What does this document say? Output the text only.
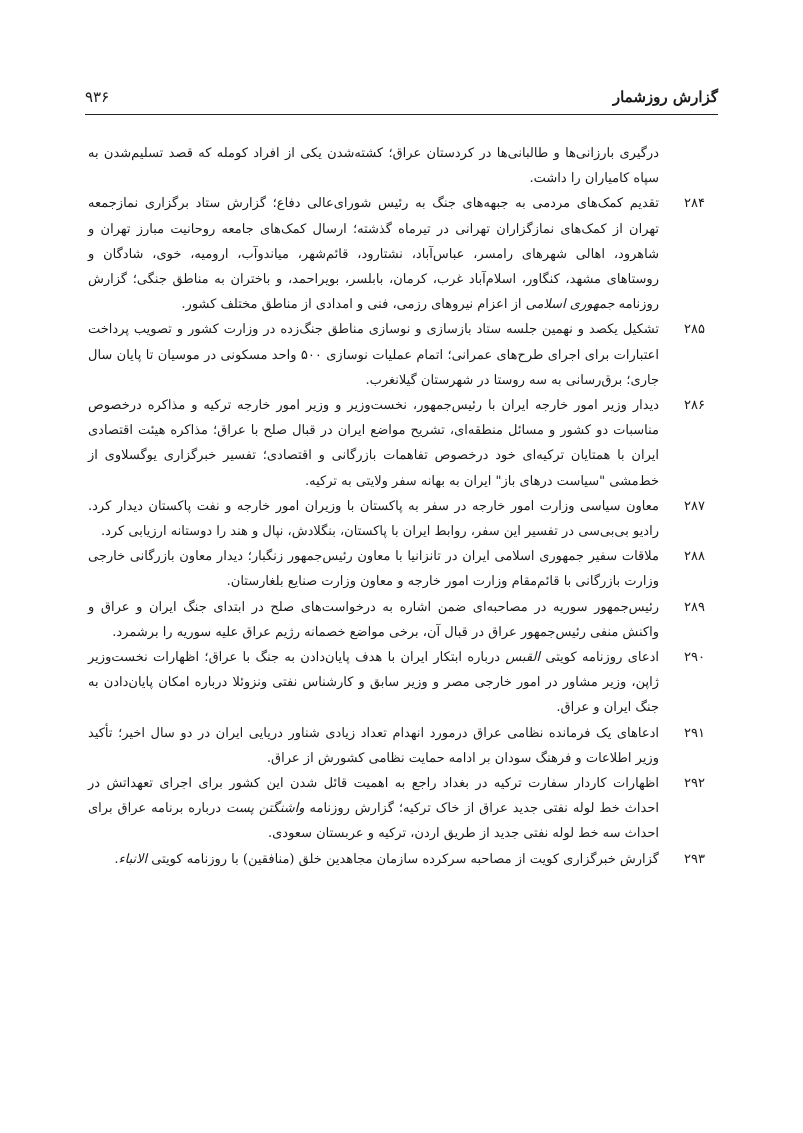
گزارش روزشمار
۹۳۶

درگیری بارزانی‌ها و طالبانی‌ها در کردستان عراق؛ کشته‌شدن یکی از افراد کومله که قصد تسلیم‌شدن به سپاه کامیاران را داشت.

۲۸۴
تقدیم کمک‌های مردمی به جبهه‌های جنگ به رئیس شورای‌عالی دفاع؛ گزارش ستاد برگزاری نمازجمعه تهران از کمک‌های نمازگزاران تهرانی در تیرماه گذشته؛ ارسال کمک‌های جامعه روحانیت مبارز تهران و شاهرود، اهالی شهرهای رامسر، عباس‌آباد، نشتارود، قائم‌شهر، میاندوآب، ارومیه، خوی، شادگان و روستاهای مشهد، کنگاور، اسلام‌آباد غرب، کرمان، بابلسر، بویراحمد، و باختران به مناطق جنگی؛ گزارش روزنامه جمهوری اسلامی از اعزام نیروهای رزمی، فنی و امدادی از مناطق مختلف کشور.
۲۸۵
تشکیل یکصد و نهمین جلسه ستاد بازسازی و نوسازی مناطق جنگ‌زده در وزارت کشور و تصویب پرداخت اعتبارات برای اجرای طرح‌های عمرانی؛ اتمام عملیات نوسازی ۵۰۰ واحد مسکونی در موسیان تا پایان سال جاری؛ برق‌رسانی به سه روستا در شهرستان گیلانغرب.
۲۸۶
دیدار وزیر امور خارجه ایران با رئیس‌جمهور، نخست‌وزیر و وزیر امور خارجه ترکیه و مذاکره درخصوص مناسبات دو کشور و مسائل منطقه‌ای، تشریح مواضع ایران در قبال صلح با عراق؛ مذاکره هیئت اقتصادی ایران با همتایان ترکیه‌ای خود درخصوص تفاهمات بازرگانی و اقتصادی؛ تفسیر خبرگزاری یوگسلاوی از خط‌مشی "سیاست درهای باز" ایران به بهانه سفر ولایتی به ترکیه.
۲۸۷
معاون سیاسی وزارت امور خارجه در سفر به پاکستان با وزیران امور خارجه و نفت پاکستان دیدار کرد. رادیو بی‌بی‌سی در تفسیر این سفر، روابط ایران با پاکستان، بنگلادش، نپال و هند را دوستانه ارزیابی کرد.
۲۸۸
ملاقات سفیر جمهوری اسلامی ایران در تانزانیا با معاون رئیس‌جمهور زنگبار؛ دیدار معاون بازرگانی خارجی وزارت بازرگانی با قائم‌مقام وزارت امور خارجه و معاون وزارت صنایع بلغارستان.
۲۸۹
رئیس‌جمهور سوریه در مصاحبه‌ای ضمن اشاره به درخواست‌های صلح در ابتدای جنگ ایران و عراق و واکنش منفی رئیس‌جمهور عراق در قبال آن، برخی مواضع خصمانه رژیم عراق علیه سوریه را برشمرد.
۲۹۰
ادعای روزنامه کویتی القبس درباره ابتکار ایران با هدف پایان‌دادن به جنگ با عراق؛ اظهارات نخست‌وزیر ژاپن، وزیر مشاور در امور خارجی مصر و وزیر سابق و کارشناس نفتی ونزوئلا درباره امکان پایان‌دادن به جنگ ایران و عراق.
۲۹۱
ادعاهای یک فرمانده نظامی عراق درمورد انهدام تعداد زیادی شناور دریایی ایران در دو سال اخیر؛ تأکید وزیر اطلاعات و فرهنگ سودان بر ادامه حمایت نظامی کشورش از عراق.
۲۹۲
اظهارات کاردار سفارت ترکیه در بغداد راجع به اهمیت قائل شدن این کشور برای اجرای تعهداتش در احداث خط لوله نفتی جدید عراق از خاک ترکیه؛ گزارش روزنامه واشنگتن پست درباره برنامه عراق برای احداث سه خط لوله نفتی جدید از طریق اردن، ترکیه و عربستان سعودی.
۲۹۳
گزارش خبرگزاری کویت از مصاحبه سرکرده سازمان مجاهدین خلق (منافقین) با روزنامه کویتی الانباء.
